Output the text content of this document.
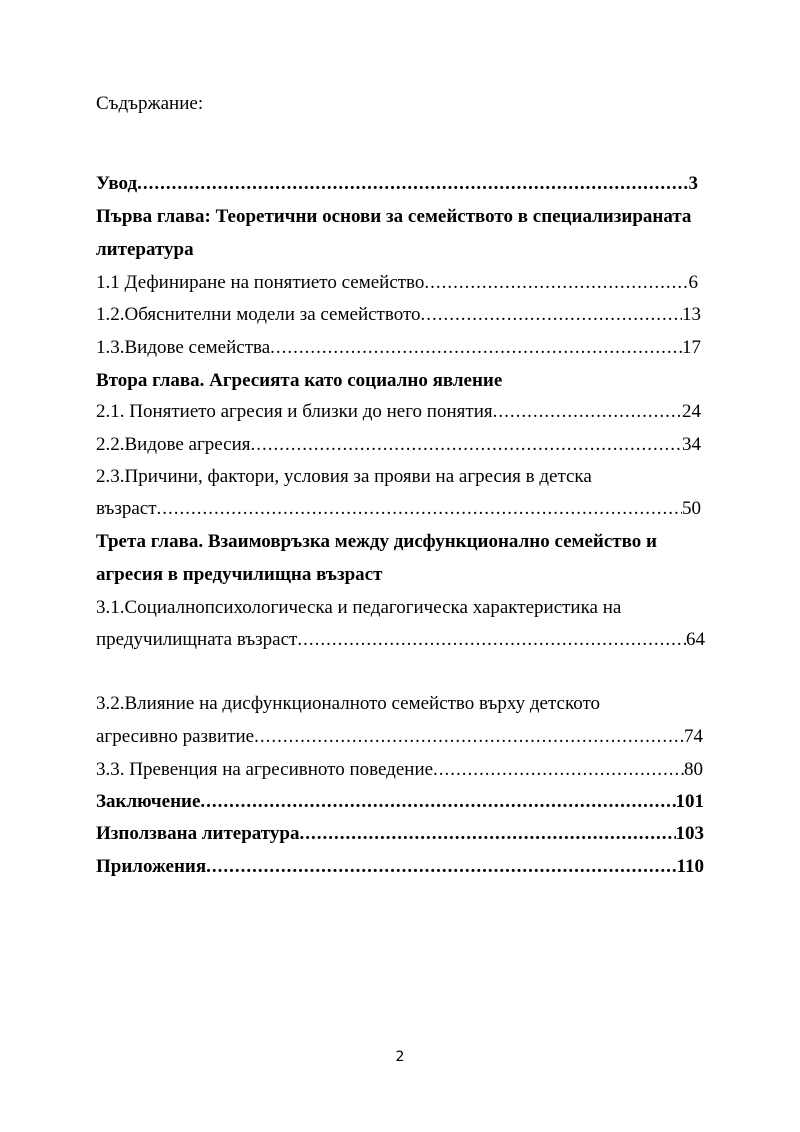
Съдържание:
Увод .....	3
Първа глава: Теоретични основи за семейството в специализираната
литература
1.1 Дефиниране на понятието семейство .....	6
1.2.Обяснителни модели за семейството .....	13
1.3.Видове семейства .....	17
Втора глава. Агресията като социално явление
2.1. Понятието агресия и близки до него понятия .....	24
2.2.Видове агресия .....	34
2.3.Причини, фактори, условия за прояви на агресия в детска
възраст .....	50
Трета глава. Взаимовръзка между дисфункционално семейство и
агресия в предучилищна възраст
3.1.Социалнопсихологическа и педагогическа характеристика на
предучилищната възраст .....	64
3.2.Влияние на дисфункционалното семейство върху детското
агресивно развитие .....	74
3.3. Превенция на агресивното поведение .....	80
Заключение .....	101
Използвана литература .....	103
Приложения .....	110
2
